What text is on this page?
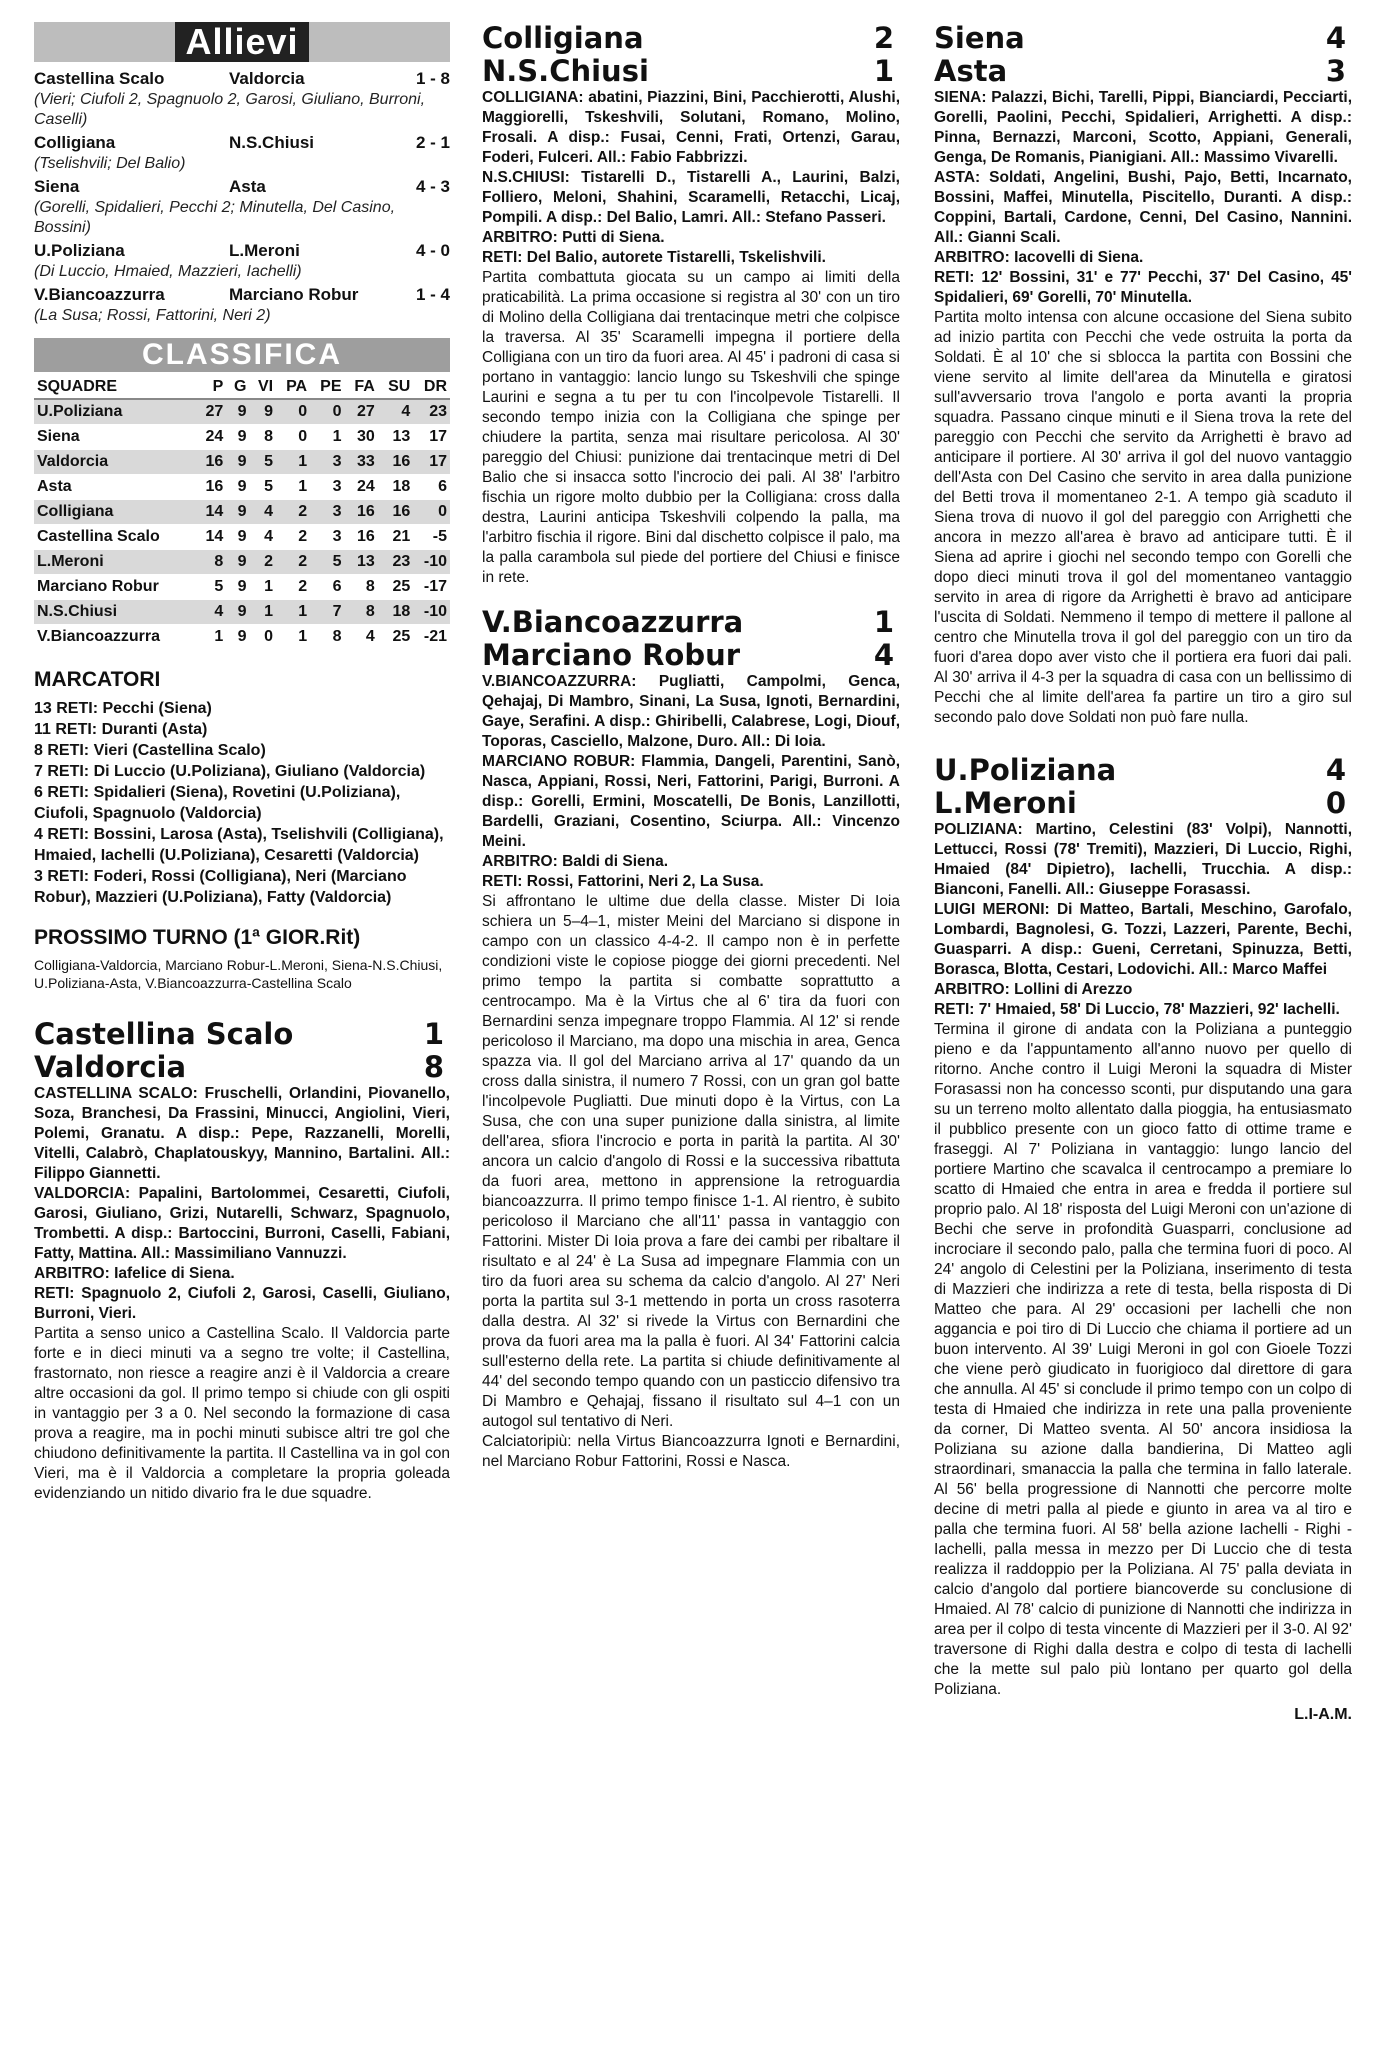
Allievi
Castellina Scalo	Valdorcia	1 - 8
(Vieri; Ciufoli 2, Spagnuolo 2, Garosi, Giuliano, Burroni, Caselli)
Colligiana	N.S.Chiusi	2 - 1
(Tselishvili; Del Balio)
Siena	Asta	4 - 3
(Gorelli, Spidalieri, Pecchi 2; Minutella, Del Casino, Bossini)
U.Poliziana	L.Meroni	4 - 0
(Di Luccio, Hmaied, Mazzieri, Iachelli)
V.Biancoazzurra	Marciano Robur	1 - 4
(La Susa; Rossi, Fattorini, Neri 2)
CLASSIFICA
SQUADRE	P	G	VI	PA	PE	FA	SU	DR
U.Poliziana	27	9	9	0	0	27	4	23
Siena	24	9	8	0	1	30	13	17
Valdorcia	16	9	5	1	3	33	16	17
Asta	16	9	5	1	3	24	18	6
Colligiana	14	9	4	2	3	16	16	0
Castellina Scalo	14	9	4	2	3	16	21	-5
L.Meroni	8	9	2	2	5	13	23	-10
Marciano Robur	5	9	1	2	6	8	25	-17
N.S.Chiusi	4	9	1	1	7	8	18	-10
V.Biancoazzurra	1	9	0	1	8	4	25	-21
MARCATORI
13 RETI: Pecchi (Siena)
11 RETI: Duranti (Asta)
8 RETI: Vieri (Castellina Scalo)
7 RETI: Di Luccio (U.Poliziana), Giuliano (Valdorcia)
6 RETI: Spidalieri (Siena), Rovetini (U.Poliziana), Ciufoli, Spagnuolo (Valdorcia)
4 RETI: Bossini, Larosa (Asta), Tselishvili (Colligiana), Hmaied, Iachelli (U.Poliziana), Cesaretti (Valdorcia)
3 RETI: Foderi, Rossi (Colligiana), Neri (Marciano Robur), Mazzieri (U.Poliziana), Fatty (Valdorcia)
PROSSIMO TURNO (1ª GIOR.Rit)
Colligiana-Valdorcia, Marciano Robur-L.Meroni, Siena-N.S.Chiusi, U.Poliziana-Asta, V.Biancoazzurra-Castellina Scalo
Castellina Scalo	1
Valdorcia	8
CASTELLINA SCALO: Fruschelli, Orlandini, Piovanello, Soza, Branchesi, Da Frassini, Minucci, Angiolini, Vieri, Polemi, Granatu. A disp.: Pepe, Razzanelli, Morelli, Vitelli, Calabrò, Chaplatouskyy, Mannino, Bartalini. All.: Filippo Giannetti.
VALDORCIA: Papalini, Bartolommei, Cesaretti, Ciufoli, Garosi, Giuliano, Grizi, Nutarelli, Schwarz, Spagnuolo, Trombetti. A disp.: Bartoccini, Burroni, Caselli, Fabiani, Fatty, Mattina. All.: Massimiliano Vannuzzi.
ARBITRO: Iafelice di Siena.
RETI: Spagnuolo 2, Ciufoli 2, Garosi, Caselli, Giuliano, Burroni, Vieri.
Partita a senso unico a Castellina Scalo. Il Valdorcia parte forte e in dieci minuti va a segno tre volte; il Castellina, frastornato, non riesce a reagire anzi è il Valdorcia a creare altre occasioni da gol. Il primo tempo si chiude con gli ospiti in vantaggio per 3 a 0. Nel secondo la formazione di casa prova a reagire, ma in pochi minuti subisce altri tre gol che chiudono definitivamente la partita. Il Castellina va in gol con Vieri, ma è il Valdorcia a completare la propria goleada evidenziando un nitido divario fra le due squadre.
Colligiana	2
N.S.Chiusi	1
COLLIGIANA: abatini, Piazzini, Bini, Pacchierotti, Alushi, Maggiorelli, Tskeshvili, Solutani, Romano, Molino, Frosali. A disp.: Fusai, Cenni, Frati, Ortenzi, Garau, Foderi, Fulceri. All.: Fabio Fabbrizzi.
N.S.CHIUSI: Tistarelli D., Tistarelli A., Laurini, Balzi, Folliero, Meloni, Shahini, Scaramelli, Retacchi, Licaj, Pompili. A disp.: Del Balio, Lamri. All.: Stefano Passeri.
ARBITRO: Putti di Siena.
RETI: Del Balio, autorete Tistarelli, Tskelishvili.
Partita combattuta giocata su un campo ai limiti della praticabilità. La prima occasione si registra al 30' con un tiro di Molino della Colligiana dai trentacinque metri che colpisce la traversa. Al 35' Scaramelli impegna il portiere della Colligiana con un tiro da fuori area. Al 45' i padroni di casa si portano in vantaggio: lancio lungo su Tskeshvili che spinge Laurini e segna a tu per tu con l'incolpevole Tistarelli. Il secondo tempo inizia con la Colligiana che spinge per chiudere la partita, senza mai risultare pericolosa. Al 30' pareggio del Chiusi: punizione dai trentacinque metri di Del Balio che si insacca sotto l'incrocio dei pali. Al 38' l'arbitro fischia un rigore molto dubbio per la Colligiana: cross dalla destra, Laurini anticipa Tskeshvili colpendo la palla, ma l'arbitro fischia il rigore. Bini dal dischetto colpisce il palo, ma la palla carambola sul piede del portiere del Chiusi e finisce in rete.
V.Biancoazzurra	1
Marciano Robur	4
V.BIANCOAZZURRA: Pugliatti, Campolmi, Genca, Qehajaj, Di Mambro, Sinani, La Susa, Ignoti, Bernardini, Gaye, Serafini. A disp.: Ghiribelli, Calabrese, Logi, Diouf, Toporas, Casciello, Malzone, Duro. All.: Di Ioia.
MARCIANO ROBUR: Flammia, Dangeli, Parentini, Sanò, Nasca, Appiani, Rossi, Neri, Fattorini, Parigi, Burroni. A disp.: Gorelli, Ermini, Moscatelli, De Bonis, Lanzillotti, Bardelli, Graziani, Cosentino, Sciurpa. All.: Vincenzo Meini.
ARBITRO: Baldi di Siena.
RETI: Rossi, Fattorini, Neri 2, La Susa.
Si affrontano le ultime due della classe. Mister Di Ioia schiera un 5–4–1, mister Meini del Marciano si dispone in campo con un classico 4-4-2. Il campo non è in perfette condizioni viste le copiose piogge dei giorni precedenti. Nel primo tempo la partita si combatte soprattutto a centrocampo. Ma è la Virtus che al 6' tira da fuori con Bernardini senza impegnare troppo Flammia. Al 12' si rende pericoloso il Marciano, ma dopo una mischia in area, Genca spazza via. Il gol del Marciano arriva al 17' quando da un cross dalla sinistra, il numero 7 Rossi, con un gran gol batte l'incolpevole Pugliatti. Due minuti dopo è la Virtus, con La Susa, che con una super punizione dalla sinistra, al limite dell'area, sfiora l'incrocio e porta in parità la partita. Al 30' ancora un calcio d'angolo di Rossi e la successiva ribattuta da fuori area, mettono in apprensione la retroguardia biancoazzurra. Il primo tempo finisce 1-1. Al rientro, è subito pericoloso il Marciano che all'11' passa in vantaggio con Fattorini. Mister Di Ioia prova a fare dei cambi per ribaltare il risultato e al 24' è La Susa ad impegnare Flammia con un tiro da fuori area su schema da calcio d'angolo. Al 27' Neri porta la partita sul 3-1 mettendo in porta un cross rasoterra dalla destra. Al 32' si rivede la Virtus con Bernardini che prova da fuori area ma la palla è fuori. Al 34' Fattorini calcia sull'esterno della rete. La partita si chiude definitivamente al 44' del secondo tempo quando con un pasticcio difensivo tra Di Mambro e Qehajaj, fissano il risultato sul 4–1 con un autogol sul tentativo di Neri.
Calciatoripiù: nella Virtus Biancoazzurra Ignoti e Bernardini, nel Marciano Robur Fattorini, Rossi e Nasca.
Siena	4
Asta	3
SIENA: Palazzi, Bichi, Tarelli, Pippi, Bianciardi, Pecciarti, Gorelli, Paolini, Pecchi, Spidalieri, Arrighetti. A disp.: Pinna, Bernazzi, Marconi, Scotto, Appiani, Generali, Genga, De Romanis, Pianigiani. All.: Massimo Vivarelli.
ASTA: Soldati, Angelini, Bushi, Pajo, Betti, Incarnato, Bossini, Maffei, Minutella, Piscitello, Duranti. A disp.: Coppini, Bartali, Cardone, Cenni, Del Casino, Nannini. All.: Gianni Scali.
ARBITRO: Iacovelli di Siena.
RETI: 12' Bossini, 31' e 77' Pecchi, 37' Del Casino, 45' Spidalieri, 69' Gorelli, 70' Minutella.
Partita molto intensa con alcune occasione del Siena subito ad inizio partita con Pecchi che vede ostruita la porta da Soldati. È al 10' che si sblocca la partita con Bossini che viene servito al limite dell'area da Minutella e giratosi sull'avversario trova l'angolo e porta avanti la propria squadra. Passano cinque minuti e il Siena trova la rete del pareggio con Pecchi che servito da Arrighetti è bravo ad anticipare il portiere. Al 30' arriva il gol del nuovo vantaggio dell'Asta con Del Casino che servito in area dalla punizione del Betti trova il momentaneo 2-1. A tempo già scaduto il Siena trova di nuovo il gol del pareggio con Arrighetti che ancora in mezzo all'area è bravo ad anticipare tutti. È il Siena ad aprire i giochi nel secondo tempo con Gorelli che dopo dieci minuti trova il gol del momentaneo vantaggio servito in area di rigore da Arrighetti è bravo ad anticipare l'uscita di Soldati. Nemmeno il tempo di mettere il pallone al centro che Minutella trova il gol del pareggio con un tiro da fuori d'area dopo aver visto che il portiera era fuori dai pali. Al 30' arriva il 4-3 per la squadra di casa con un bellissimo di Pecchi che al limite dell'area fa partire un tiro a giro sul secondo palo dove Soldati non può fare nulla.
U.Poliziana	4
L.Meroni	0
POLIZIANA: Martino, Celestini (83' Volpi), Nannotti, Lettucci, Rossi (78' Tremiti), Mazzieri, Di Luccio, Righi, Hmaied (84' Dipietro), Iachelli, Trucchia. A disp.: Bianconi, Fanelli. All.: Giuseppe Forasassi.
LUIGI MERONI: Di Matteo, Bartali, Meschino, Garofalo, Lombardi, Bagnolesi, G. Tozzi, Lazzeri, Parente, Bechi, Guasparri. A disp.: Gueni, Cerretani, Spinuzza, Betti, Borasca, Blotta, Cestari, Lodovichi. All.: Marco Maffei
ARBITRO: Lollini di Arezzo
RETI: 7' Hmaied, 58' Di Luccio, 78' Mazzieri, 92' Iachelli.
Termina il girone di andata con la Poliziana a punteggio pieno e da l'appuntamento all'anno nuovo per quello di ritorno. Anche contro il Luigi Meroni la squadra di Mister Forasassi non ha concesso sconti, pur disputando una gara su un terreno molto allentato dalla pioggia, ha entusiasmato il pubblico presente con un gioco fatto di ottime trame e fraseggi. Al 7' Poliziana in vantaggio: lungo lancio del portiere Martino che scavalca il centrocampo a premiare lo scatto di Hmaied che entra in area e fredda il portiere sul proprio palo. Al 18' risposta del Luigi Meroni con un'azione di Bechi che serve in profondità Guasparri, conclusione ad incrociare il secondo palo, palla che termina fuori di poco. Al 24' angolo di Celestini per la Poliziana, inserimento di testa di Mazzieri che indirizza a rete di testa, bella risposta di Di Matteo che para. Al 29' occasioni per Iachelli che non aggancia e poi tiro di Di Luccio che chiama il portiere ad un buon intervento. Al 39' Luigi Meroni in gol con Gioele Tozzi che viene però giudicato in fuorigioco dal direttore di gara che annulla. Al 45' si conclude il primo tempo con un colpo di testa di Hmaied che indirizza in rete una palla proveniente da corner, Di Matteo sventa. Al 50' ancora insidiosa la Poliziana su azione dalla bandierina, Di Matteo agli straordinari, smanaccia la palla che termina in fallo laterale. Al 56' bella progressione di Nannotti che percorre molte decine di metri palla al piede e giunto in area va al tiro e palla che termina fuori. Al 58' bella azione Iachelli - Righi - Iachelli, palla messa in mezzo per Di Luccio che di testa realizza il raddoppio per la Poliziana. Al 75' palla deviata in calcio d'angolo dal portiere biancoverde su conclusione di Hmaied. Al 78' calcio di punizione di Nannotti che indirizza in area per il colpo di testa vincente di Mazzieri per il 3-0. Al 92' traversone di Righi dalla destra e colpo di testa di Iachelli che la mette sul palo più lontano per quarto gol della Poliziana.
L.I-A.M.
